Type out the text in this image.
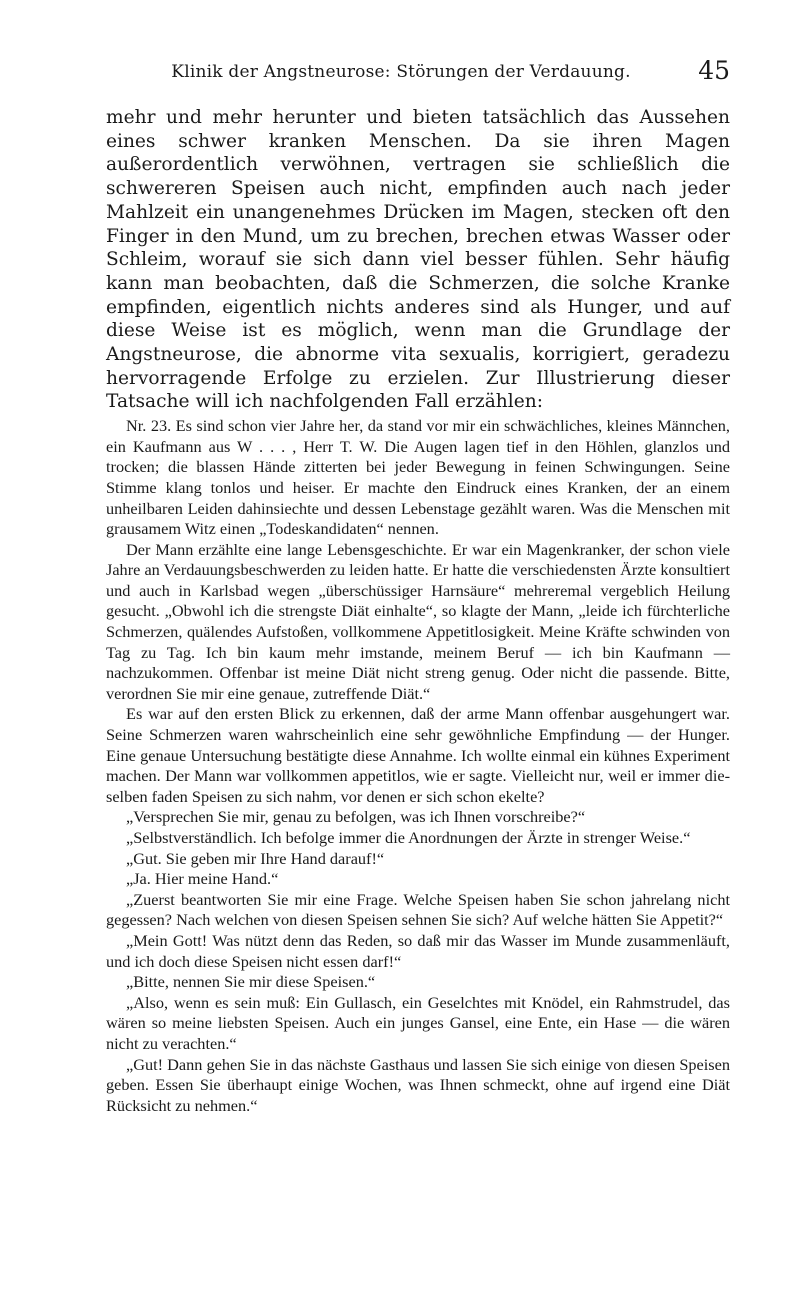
Klinik der Angstneurose: Störungen der Verdauung.	45

mehr und mehr herunter und bieten tatsächlich das Aussehen eines schwer kranken Menschen. Da sie ihren Magen außerordentlich verwöhnen, vertragen sie schließlich die schwereren Speisen auch nicht, empfinden auch nach jeder Mahlzeit ein unangenehmes Drücken im Magen, stecken oft den Finger in den Mund, um zu brechen, brechen etwas Wasser oder Schleim, worauf sie sich dann viel besser fühlen. Sehr häufig kann man beobachten, daß die Schmerzen, die solche Kranke empfinden, eigentlich nichts anderes sind als Hunger, und auf diese Weise ist es möglich, wenn man die Grundlage der Angstneurose, die abnorme vita sexualis, korrigiert, geradezu hervorragende Erfolge zu erzielen. Zur Illustrierung dieser Tatsache will ich nachfolgenden Fall erzählen:

Nr. 23. Es sind schon vier Jahre her, da stand vor mir ein schwächliches, kleines Männchen, ein Kaufmann aus W . . . , Herr T. W. Die Augen lagen tief in den Höhlen, glanzlos und trocken; die blassen Hände zitterten bei jeder Bewegung in feinen Schwingungen. Seine Stimme klang tonlos und heiser. Er machte den Eindruck eines Kranken, der an einem unheilbaren Leiden dahinsiechte und dessen Lebenstage gezählt waren. Was die Menschen mit grausamem Witz einen „Todeskandidaten“ nennen.

Der Mann erzählte eine lange Lebensgeschichte. Er war ein Magenkranker, der schon viele Jahre an Verdauungsbeschwerden zu leiden hatte. Er hatte die verschiedensten Ärzte konsultiert und auch in Karlsbad wegen „überschüssiger Harnsäure“ mehreremal vergeblich Heilung gesucht. „Obwohl ich die strengste Diät einhalte“, so klagte der Mann, „leide ich fürchterliche Schmerzen, quälendes Aufstoßen, vollkommene Appetitlosigkeit. Meine Kräfte schwinden von Tag zu Tag. Ich bin kaum mehr imstande, meinem Beruf — ich bin Kaufmann — nachzukommen. Offenbar ist meine Diät nicht streng genug. Oder nicht die passende. Bitte, verordnen Sie mir eine genaue, zutreffende Diät.“

Es war auf den ersten Blick zu erkennen, daß der arme Mann offenbar ausgehungert war. Seine Schmerzen waren wahrscheinlich eine sehr gewöhnliche Empfindung — der Hunger. Eine genaue Untersuchung bestätigte diese Annahme. Ich wollte einmal ein kühnes Experiment machen. Der Mann war vollkommen appetitlos, wie er sagte. Vielleicht nur, weil er immer dieselben faden Speisen zu sich nahm, vor denen er sich schon ekelte?

„Versprechen Sie mir, genau zu befolgen, was ich Ihnen vorschreibe?“

„Selbstverständlich. Ich befolge immer die Anordnungen der Ärzte in strenger Weise.“

„Gut. Sie geben mir Ihre Hand darauf!“

„Ja. Hier meine Hand.“

„Zuerst beantworten Sie mir eine Frage. Welche Speisen haben Sie schon jahrelang nicht gegessen? Nach welchen von diesen Speisen sehnen Sie sich? Auf welche hätten Sie Appetit?“

„Mein Gott! Was nützt denn das Reden, so daß mir das Wasser im Munde zusammenläuft, und ich doch diese Speisen nicht essen darf!“

„Bitte, nennen Sie mir diese Speisen.“

„Also, wenn es sein muß: Ein Gullasch, ein Geselchtes mit Knödel, ein Rahmstrudel, das wären so meine liebsten Speisen. Auch ein junges Gansel, eine Ente, ein Hase — die wären nicht zu verachten.“

„Gut! Dann gehen Sie in das nächste Gasthaus und lassen Sie sich einige von diesen Speisen geben. Essen Sie überhaupt einige Wochen, was Ihnen schmeckt, ohne auf irgend eine Diät Rücksicht zu nehmen.“
